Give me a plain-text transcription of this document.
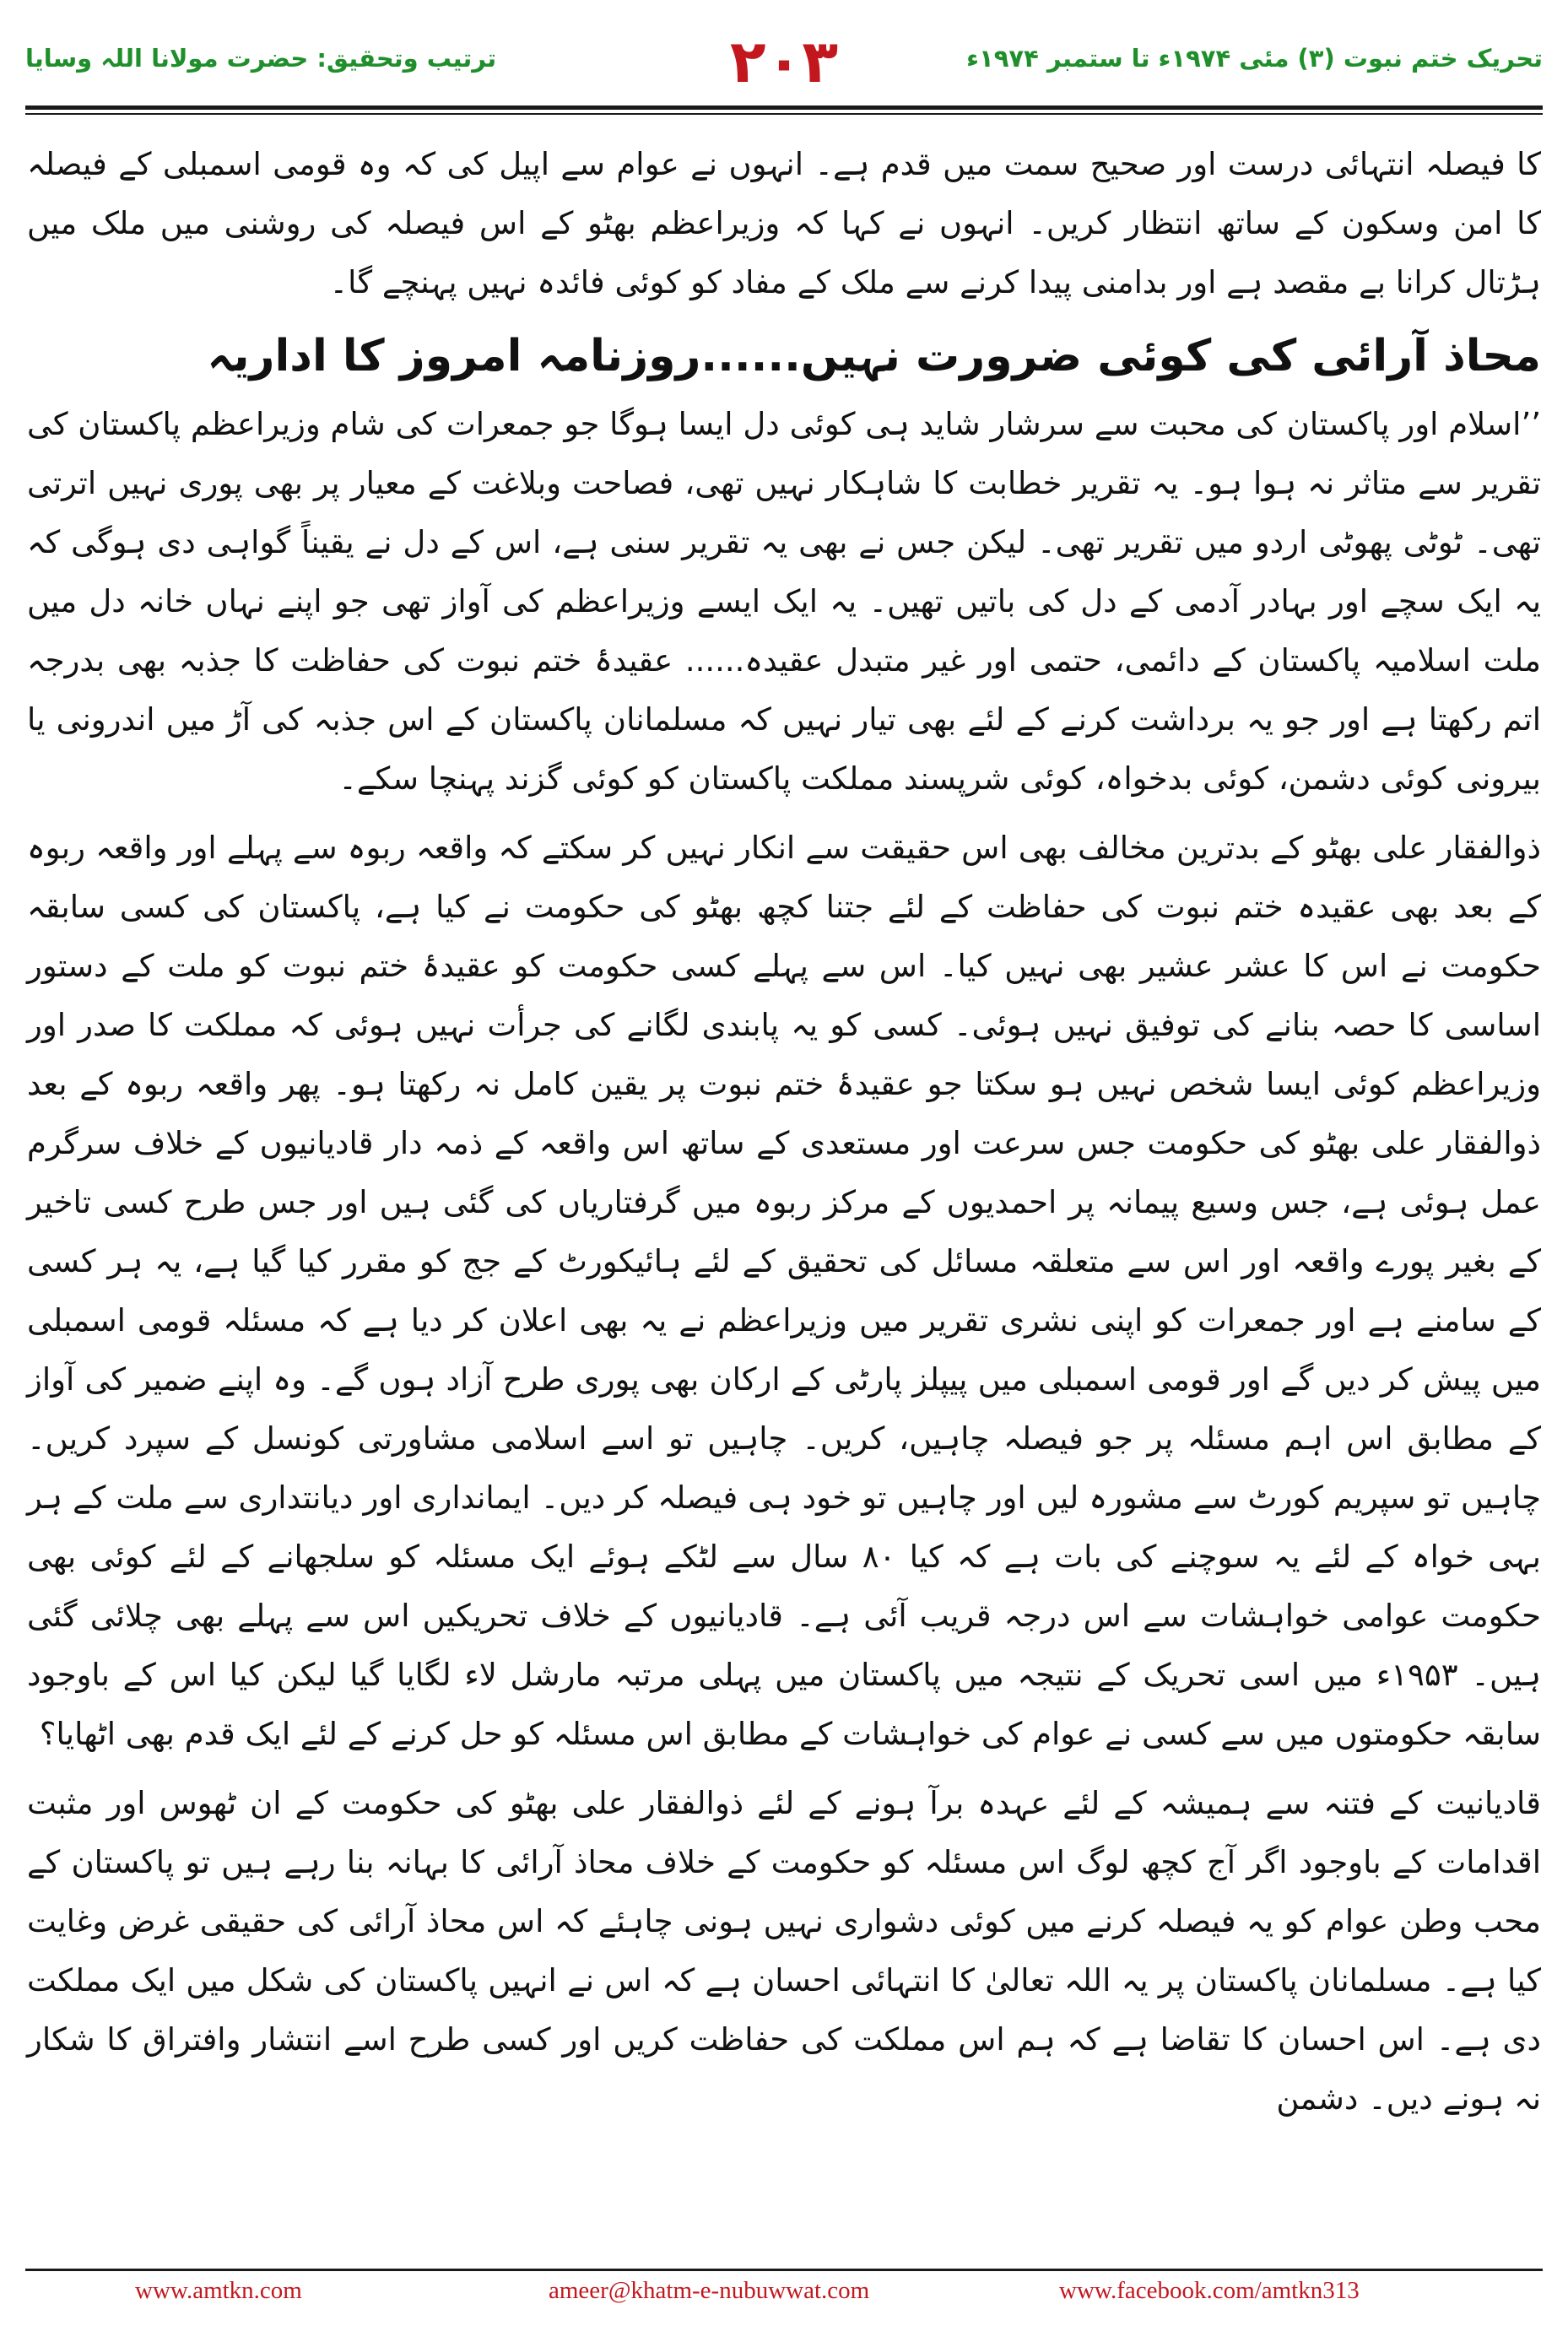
تحریک ختم نبوت (۳) مئی ۱۹۷۴ء تا ستمبر ۱۹۷۴ء
۲۰۳
ترتیب وتحقیق: حضرت مولانا اللہ وسایا

کا فیصلہ انتہائی درست اور صحیح سمت میں قدم ہے۔ انہوں نے عوام سے اپیل کی کہ وہ قومی اسمبلی کے فیصلہ کا امن وسکون کے ساتھ انتظار کریں۔ انہوں نے کہا کہ وزیراعظم بھٹو کے اس فیصلہ کی روشنی میں ملک میں ہڑتال کرانا بے مقصد ہے اور بدامنی پیدا کرنے سے ملک کے مفاد کو کوئی فائدہ نہیں پہنچے گا۔

محاذ آرائی کی کوئی ضرورت نہیں......روزنامہ امروز کا اداریہ

’’اسلام اور پاکستان کی محبت سے سرشار شاید ہی کوئی دل ایسا ہوگا جو جمعرات کی شام وزیراعظم پاکستان کی تقریر سے متاثر نہ ہوا ہو۔ یہ تقریر خطابت کا شاہکار نہیں تھی، فصاحت وبلاغت کے معیار پر بھی پوری نہیں اترتی تھی۔ ٹوٹی پھوٹی اردو میں تقریر تھی۔ لیکن جس نے بھی یہ تقریر سنی ہے، اس کے دل نے یقیناً گواہی دی ہوگی کہ یہ ایک سچے اور بہادر آدمی کے دل کی باتیں تھیں۔ یہ ایک ایسے وزیراعظم کی آواز تھی جو اپنے نہاں خانہ دل میں ملت اسلامیہ پاکستان کے دائمی، حتمی اور غیر متبدل عقیدہ...... عقیدۂ ختم نبوت کی حفاظت کا جذبہ بھی بدرجہ اتم رکھتا ہے اور جو یہ برداشت کرنے کے لئے بھی تیار نہیں کہ مسلمانان پاکستان کے اس جذبہ کی آڑ میں اندرونی یا بیرونی کوئی دشمن، کوئی بدخواہ، کوئی شرپسند مملکت پاکستان کو کوئی گزند پہنچا سکے۔

ذوالفقار علی بھٹو کے بدترین مخالف بھی اس حقیقت سے انکار نہیں کر سکتے کہ واقعہ ربوہ سے پہلے اور واقعہ ربوہ کے بعد بھی عقیدہ ختم نبوت کی حفاظت کے لئے جتنا کچھ بھٹو کی حکومت نے کیا ہے، پاکستان کی کسی سابقہ حکومت نے اس کا عشر عشیر بھی نہیں کیا۔ اس سے پہلے کسی حکومت کو عقیدۂ ختم نبوت کو ملت کے دستور اساسی کا حصہ بنانے کی توفیق نہیں ہوئی۔ کسی کو یہ پابندی لگانے کی جرأت نہیں ہوئی کہ مملکت کا صدر اور وزیراعظم کوئی ایسا شخص نہیں ہو سکتا جو عقیدۂ ختم نبوت پر یقین کامل نہ رکھتا ہو۔ پھر واقعہ ربوہ کے بعد ذوالفقار علی بھٹو کی حکومت جس سرعت اور مستعدی کے ساتھ اس واقعہ کے ذمہ دار قادیانیوں کے خلاف سرگرم عمل ہوئی ہے، جس وسیع پیمانہ پر احمدیوں کے مرکز ربوہ میں گرفتاریاں کی گئی ہیں اور جس طرح کسی تاخیر کے بغیر پورے واقعہ اور اس سے متعلقہ مسائل کی تحقیق کے لئے ہائیکورٹ کے جج کو مقرر کیا گیا ہے، یہ ہر کسی کے سامنے ہے اور جمعرات کو اپنی نشری تقریر میں وزیراعظم نے یہ بھی اعلان کر دیا ہے کہ مسئلہ قومی اسمبلی میں پیش کر دیں گے اور قومی اسمبلی میں پیپلز پارٹی کے ارکان بھی پوری طرح آزاد ہوں گے۔ وہ اپنے ضمیر کی آواز کے مطابق اس اہم مسئلہ پر جو فیصلہ چاہیں، کریں۔ چاہیں تو اسے اسلامی مشاورتی کونسل کے سپرد کریں۔ چاہیں تو سپریم کورٹ سے مشورہ لیں اور چاہیں تو خود ہی فیصلہ کر دیں۔ ایمانداری اور دیانتداری سے ملت کے ہر بہی خواہ کے لئے یہ سوچنے کی بات ہے کہ کیا ۸۰ سال سے لٹکے ہوئے ایک مسئلہ کو سلجھانے کے لئے کوئی بھی حکومت عوامی خواہشات سے اس درجہ قریب آئی ہے۔ قادیانیوں کے خلاف تحریکیں اس سے پہلے بھی چلائی گئی ہیں۔ ۱۹۵۳ء میں اسی تحریک کے نتیجہ میں پاکستان میں پہلی مرتبہ مارشل لاء لگایا گیا لیکن کیا اس کے باوجود سابقہ حکومتوں میں سے کسی نے عوام کی خواہشات کے مطابق اس مسئلہ کو حل کرنے کے لئے ایک قدم بھی اٹھایا؟

قادیانیت کے فتنہ سے ہمیشہ کے لئے عہدہ برآ ہونے کے لئے ذوالفقار علی بھٹو کی حکومت کے ان ٹھوس اور مثبت اقدامات کے باوجود اگر آج کچھ لوگ اس مسئلہ کو حکومت کے خلاف محاذ آرائی کا بہانہ بنا رہے ہیں تو پاکستان کے محب وطن عوام کو یہ فیصلہ کرنے میں کوئی دشواری نہیں ہونی چاہئے کہ اس محاذ آرائی کی حقیقی غرض وغایت کیا ہے۔ مسلمانان پاکستان پر یہ اللہ تعالیٰ کا انتہائی احسان ہے کہ اس نے انہیں پاکستان کی شکل میں ایک مملکت دی ہے۔ اس احسان کا تقاضا ہے کہ ہم اس مملکت کی حفاظت کریں اور کسی طرح اسے انتشار وافتراق کا شکار نہ ہونے دیں۔ دشمن

www.amtkn.com	ameer@khatm-e-nubuwwat.com	www.facebook.com/amtkn313
